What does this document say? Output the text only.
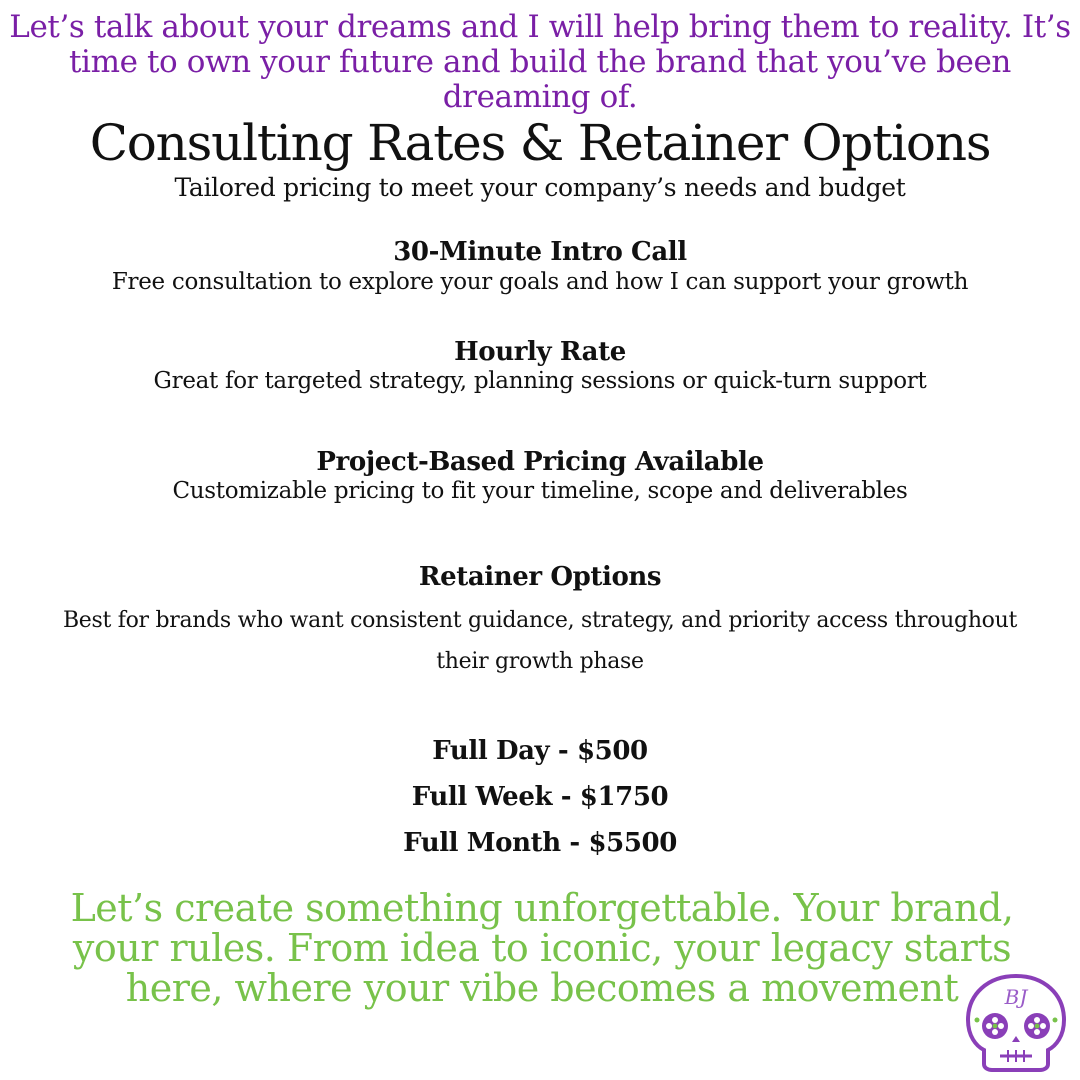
Let’s talk about your dreams and I will help bring them to reality. It’s time to own your future and build the brand that you’ve been dreaming of.
Consulting Rates & Retainer Options
Tailored pricing to meet your company’s needs and budget
30-Minute Intro Call
Free consultation to explore your goals and how I can support your growth
Hourly Rate
Great for targeted strategy, planning sessions or quick-turn support
Project-Based Pricing Available
Customizable pricing to fit your timeline, scope and deliverables
Retainer Options
Best for brands who want consistent guidance, strategy, and priority access throughout their growth phase
Full Day - $500
Full Week - $1750
Full Month - $5500
Let’s create something unforgettable. Your brand, your rules. From idea to iconic, your legacy starts here, where your vibe becomes a movement	BJ
